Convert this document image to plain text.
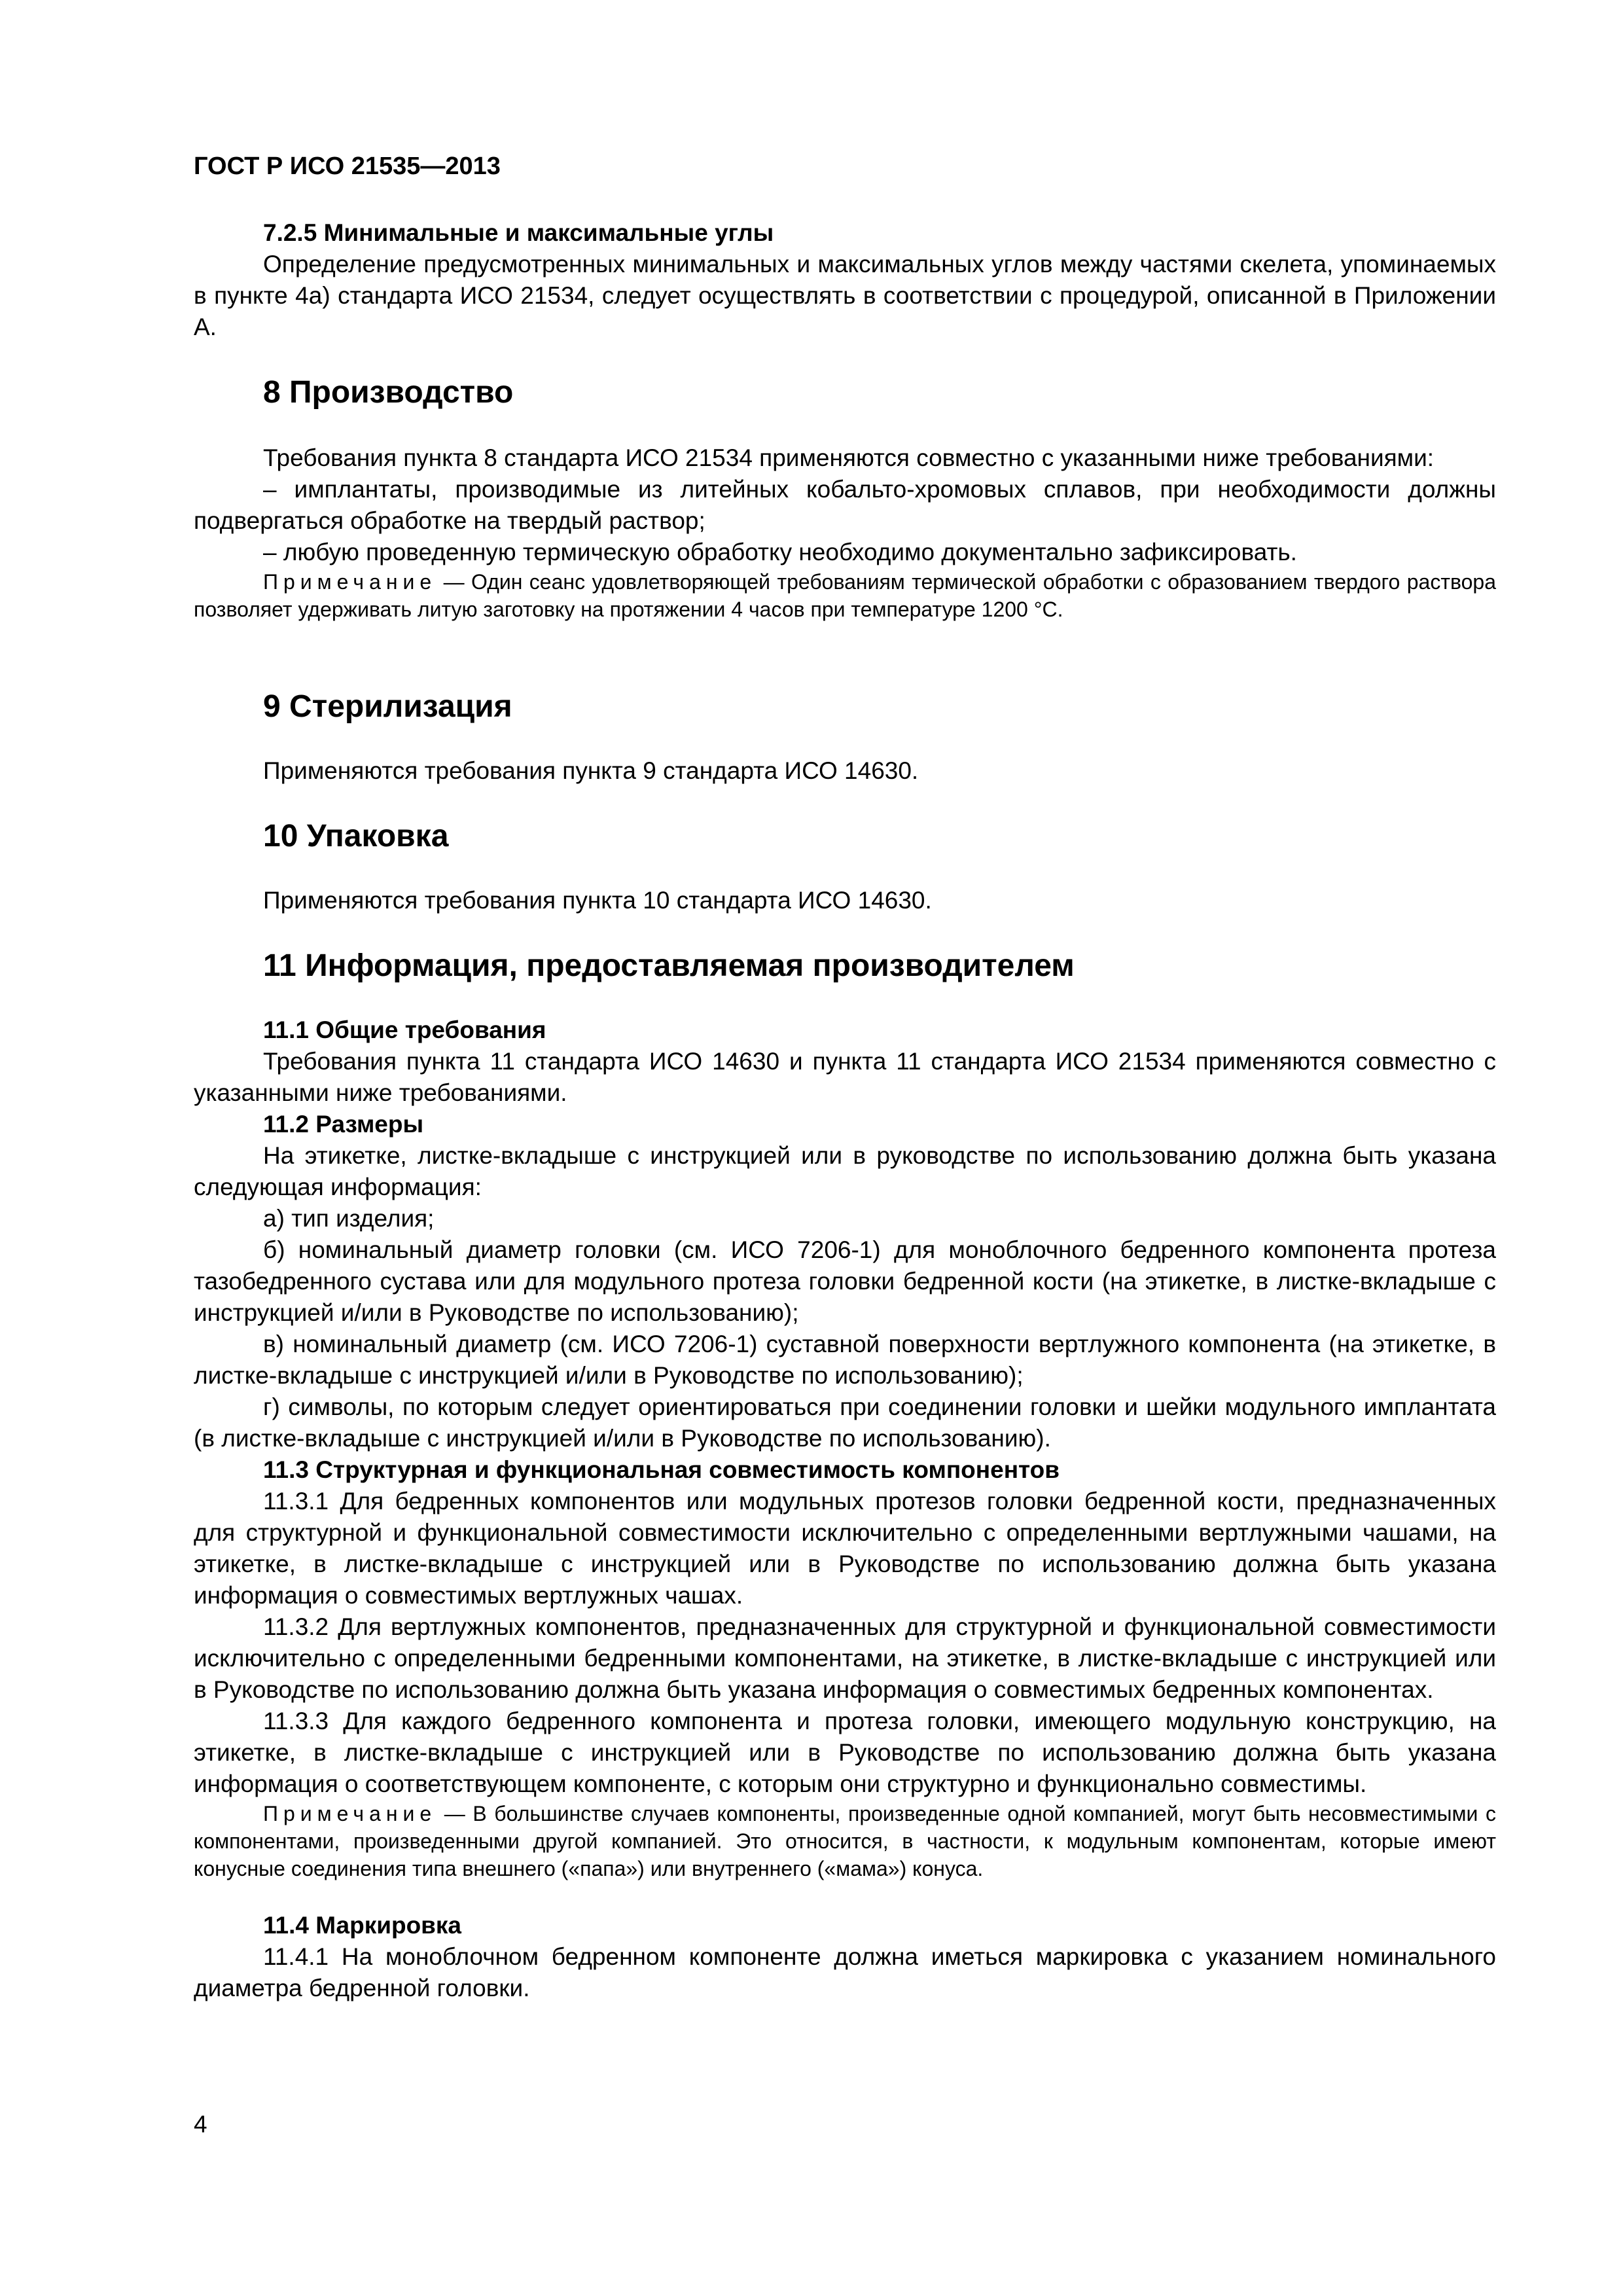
ГОСТ Р ИСО 21535—2013

7.2.5 Минимальные и максимальные углы

Определение предусмотренных минимальных и максимальных углов между частями скелета, упоминаемых в пункте 4а) стандарта ИСО 21534, следует осуществлять в соответствии с процедурой, описанной в Приложении А.

8 Производство

Требования пункта 8 стандарта ИСО 21534 применяются совместно с указанными ниже требованиями:

– имплантаты, производимые из литейных кобальто-хромовых сплавов, при необходимости должны подвергаться обработке на твердый раствор;
– любую проведенную термическую обработку необходимо документально зафиксировать.

Примечание — Один сеанс удовлетворяющей требованиям термической обработки с образованием твердого раствора позволяет удерживать литую заготовку на протяжении 4 часов при температуре 1200 °С.

9 Стерилизация

Применяются требования пункта 9 стандарта ИСО 14630.

10 Упаковка

Применяются требования пункта 10 стандарта ИСО 14630.

11 Информация, предоставляемая производителем

11.1 Общие требования

Требования пункта 11 стандарта ИСО 14630 и пункта 11 стандарта ИСО 21534 применяются совместно с указанными ниже требованиями.

11.2 Размеры

На этикетке, листке-вкладыше с инструкцией или в руководстве по использованию должна быть указана следующая информация:

а) тип изделия;
б) номинальный диаметр головки (см. ИСО 7206-1) для моноблочного бедренного компонента протеза тазобедренного сустава или для модульного протеза головки бедренной кости (на этикетке, в листке-вкладыше с инструкцией и/или в Руководстве по использованию);
в) номинальный диаметр (см. ИСО 7206-1) суставной поверхности вертлужного компонента (на этикетке, в листке-вкладыше с инструкцией и/или в Руководстве по использованию);
г) символы, по которым следует ориентироваться при соединении головки и шейки модульного имплантата (в листке-вкладыше с инструкцией и/или в Руководстве по использованию).

11.3 Структурная и функциональная совместимость компонентов

11.3.1 Для бедренных компонентов или модульных протезов головки бедренной кости, предназначенных для структурной и функциональной совместимости исключительно с определенными вертлужными чашами, на этикетке, в листке-вкладыше с инструкцией или в Руководстве по использованию должна быть указана информация о совместимых вертлужных чашах.

11.3.2 Для вертлужных компонентов, предназначенных для структурной и функциональной совместимости исключительно с определенными бедренными компонентами, на этикетке, в листке-вкладыше с инструкцией или в Руководстве по использованию должна быть указана информация о совместимых бедренных компонентах.

11.3.3 Для каждого бедренного компонента и протеза головки, имеющего модульную конструкцию, на этикетке, в листке-вкладыше с инструкцией или в Руководстве по использованию должна быть указана информация о соответствующем компоненте, с которым они структурно и функционально совместимы.

Примечание — В большинстве случаев компоненты, произведенные одной компанией, могут быть несовместимыми с компонентами, произведенными другой компанией. Это относится, в частности, к модульным компонентам, которые имеют конусные соединения типа внешнего («папа») или внутреннего («мама») конуса.

11.4 Маркировка

11.4.1 На моноблочном бедренном компоненте должна иметься маркировка с указанием номинального диаметра бедренной головки.

4
